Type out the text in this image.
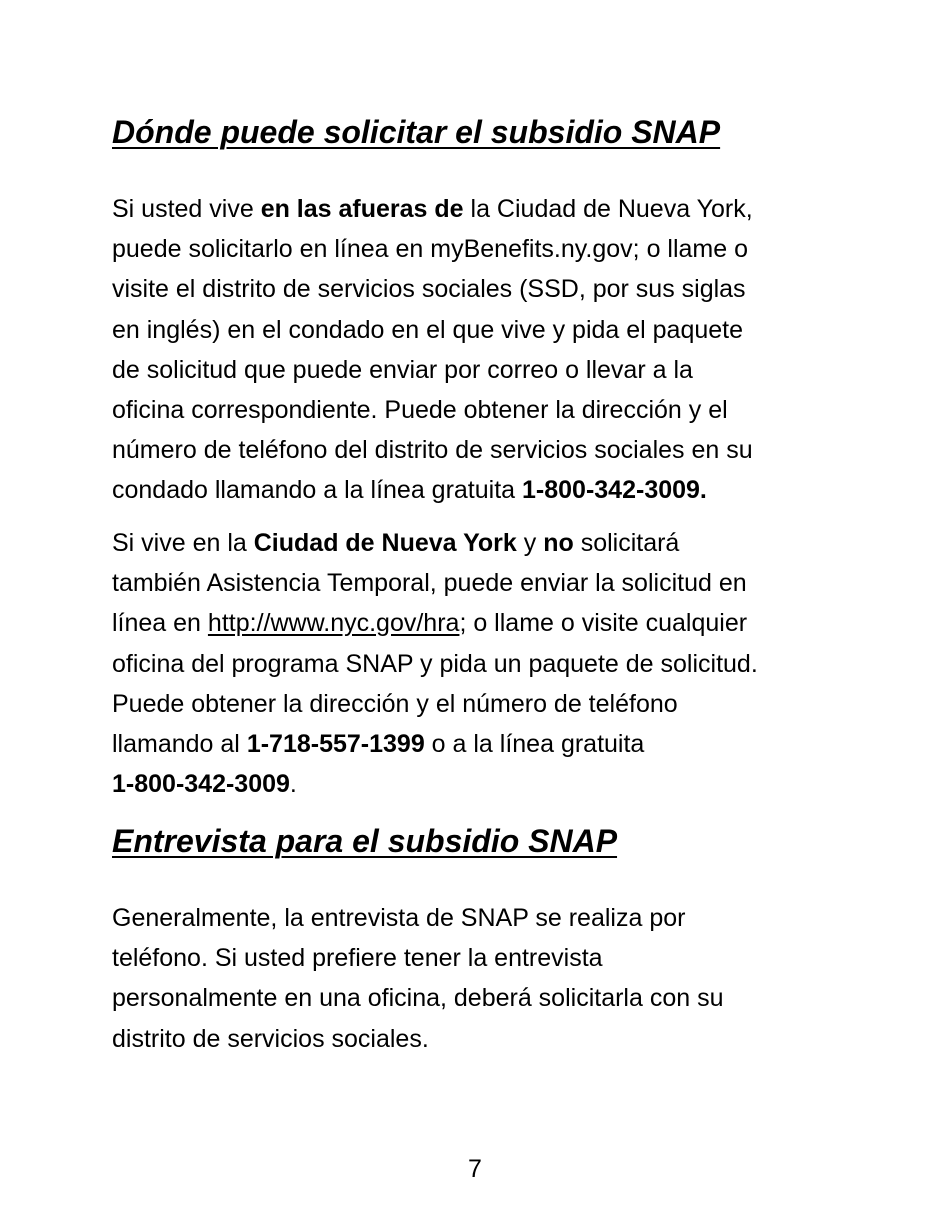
Dónde puede solicitar el subsidio SNAP

Si usted vive en las afueras de la Ciudad de Nueva York,
puede solicitarlo en línea en myBenefits.ny.gov; o llame o
visite el distrito de servicios sociales (SSD, por sus siglas
en inglés) en el condado en el que vive y pida el paquete
de solicitud que puede enviar por correo o llevar a la
oficina correspondiente. Puede obtener la dirección y el
número de teléfono del distrito de servicios sociales en su
condado llamando a la línea gratuita 1-800-342-3009.

Si vive en la Ciudad de Nueva York y no solicitará
también Asistencia Temporal, puede enviar la solicitud en
línea en http://www.nyc.gov/hra; o llame o visite cualquier
oficina del programa SNAP y pida un paquete de solicitud.
Puede obtener la dirección y el número de teléfono
llamando al 1-718-557-1399 o a la línea gratuita
1-800-342-3009.

Entrevista para el subsidio SNAP

Generalmente, la entrevista de SNAP se realiza por
teléfono. Si usted prefiere tener la entrevista
personalmente en una oficina, deberá solicitarla con su
distrito de servicios sociales.

7
